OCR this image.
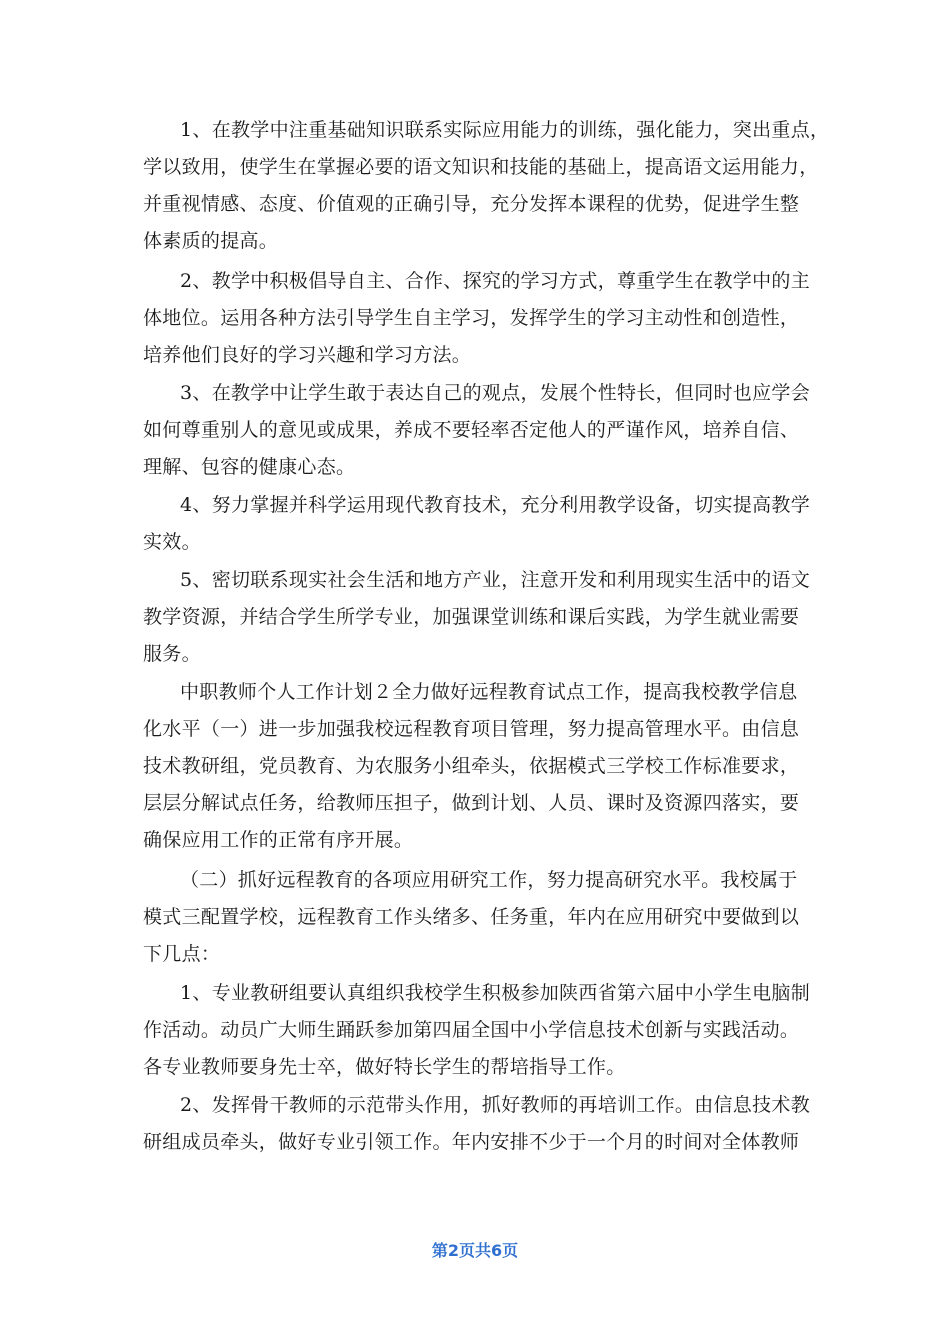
1、在教学中注重基础知识联系实际应用能力的训练，强化能力，突出重点，
学以致用，使学生在掌握必要的语文知识和技能的基础上，提高语文运用能力，
并重视情感、态度、价值观的正确引导，充分发挥本课程的优势，促进学生整
体素质的提高。
2、教学中积极倡导自主、合作、探究的学习方式，尊重学生在教学中的主
体地位。运用各种方法引导学生自主学习，发挥学生的学习主动性和创造性，
培养他们良好的学习兴趣和学习方法。
3、在教学中让学生敢于表达自己的观点，发展个性特长，但同时也应学会
如何尊重别人的意见或成果，养成不要轻率否定他人的严谨作风，培养自信、
理解、包容的健康心态。
4、努力掌握并科学运用现代教育技术，充分利用教学设备，切实提高教学
实效。
5、密切联系现实社会生活和地方产业，注意开发和利用现实生活中的语文
教学资源，并结合学生所学专业，加强课堂训练和课后实践，为学生就业需要
服务。
中职教师个人工作计划２全力做好远程教育试点工作，提高我校教学信息
化水平（一）进一步加强我校远程教育项目管理，努力提高管理水平。由信息
技术教研组，党员教育、为农服务小组牵头，依据模式三学校工作标准要求，
层层分解试点任务，给教师压担子，做到计划、人员、课时及资源四落实，要
确保应用工作的正常有序开展。
（二）抓好远程教育的各项应用研究工作，努力提高研究水平。我校属于
模式三配置学校，远程教育工作头绪多、任务重，年内在应用研究中要做到以
下几点：
1、专业教研组要认真组织我校学生积极参加陕西省第六届中小学生电脑制
作活动。动员广大师生踊跃参加第四届全国中小学信息技术创新与实践活动。
各专业教师要身先士卒，做好特长学生的帮培指导工作。
2、发挥骨干教师的示范带头作用，抓好教师的再培训工作。由信息技术教
研组成员牵头，做好专业引领工作。年内安排不少于一个月的时间对全体教师
第2页共6页
